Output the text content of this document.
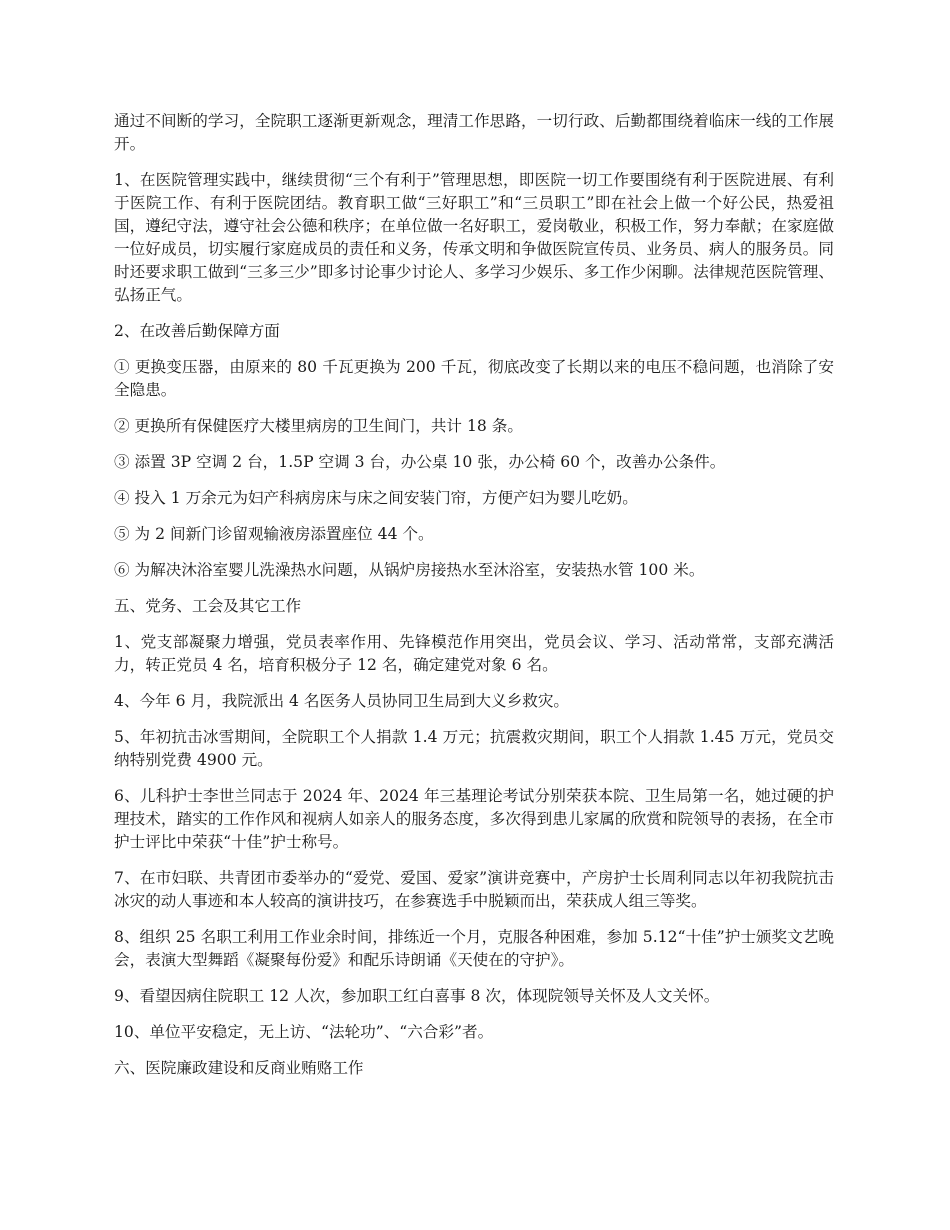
通过不间断的学习，全院职工逐渐更新观念，理清工作思路，一切行政、后勤都围绕着临床一线的工作展开。

1、在医院管理实践中，继续贯彻“三个有利于”管理思想，即医院一切工作要围绕有利于医院进展、有利于医院工作、有利于医院团结。教育职工做“三好职工”和“三员职工”即在社会上做一个好公民，热爱祖国，遵纪守法，遵守社会公德和秩序；在单位做一名好职工，爱岗敬业，积极工作，努力奉献；在家庭做一位好成员，切实履行家庭成员的责任和义务，传承文明和争做医院宣传员、业务员、病人的服务员。同时还要求职工做到“三多三少”即多讨论事少讨论人、多学习少娱乐、多工作少闲聊。法律规范医院管理、弘扬正气。

2、在改善后勤保障方面

① 更换变压器，由原来的 80 千瓦更换为 200 千瓦，彻底改变了长期以来的电压不稳问题，也消除了安全隐患。

② 更换所有保健医疗大楼里病房的卫生间门，共计 18 条。

③ 添置 3P 空调 2 台，1.5P 空调 3 台，办公桌 10 张，办公椅 60 个，改善办公条件。

④ 投入 1 万余元为妇产科病房床与床之间安装门帘，方便产妇为婴儿吃奶。

⑤ 为 2 间新门诊留观输液房添置座位 44 个。

⑥ 为解决沐浴室婴儿洗澡热水问题，从锅炉房接热水至沐浴室，安装热水管 100 米。

五、党务、工会及其它工作

1、党支部凝聚力增强，党员表率作用、先锋模范作用突出，党员会议、学习、活动常常，支部充满活力，转正党员 4 名，培育积极分子 12 名，确定建党对象 6 名。

4、今年 6 月，我院派出 4 名医务人员协同卫生局到大义乡救灾。

5、年初抗击冰雪期间，全院职工个人捐款 1.4 万元；抗震救灾期间，职工个人捐款 1.45 万元，党员交纳特别党费 4900 元。

6、儿科护士李世兰同志于 2024 年、2024 年三基理论考试分别荣获本院、卫生局第一名，她过硬的护理技术，踏实的工作作风和视病人如亲人的服务态度，多次得到患儿家属的欣赏和院领导的表扬，在全市护士评比中荣获“十佳”护士称号。

7、在市妇联、共青团市委举办的“爱党、爱国、爱家”演讲竞赛中，产房护士长周利同志以年初我院抗击冰灾的动人事迹和本人较高的演讲技巧，在参赛选手中脱颖而出，荣获成人组三等奖。

8、组织 25 名职工利用工作业余时间，排练近一个月，克服各种困难，参加 5.12“十佳”护士颁奖文艺晚会，表演大型舞蹈《凝聚每份爱》和配乐诗朗诵《天使在的守护》。

9、看望因病住院职工 12 人次，参加职工红白喜事 8 次，体现院领导关怀及人文关怀。

10、单位平安稳定，无上访、“法轮功”、“六合彩”者。

六、医院廉政建设和反商业贿赂工作
